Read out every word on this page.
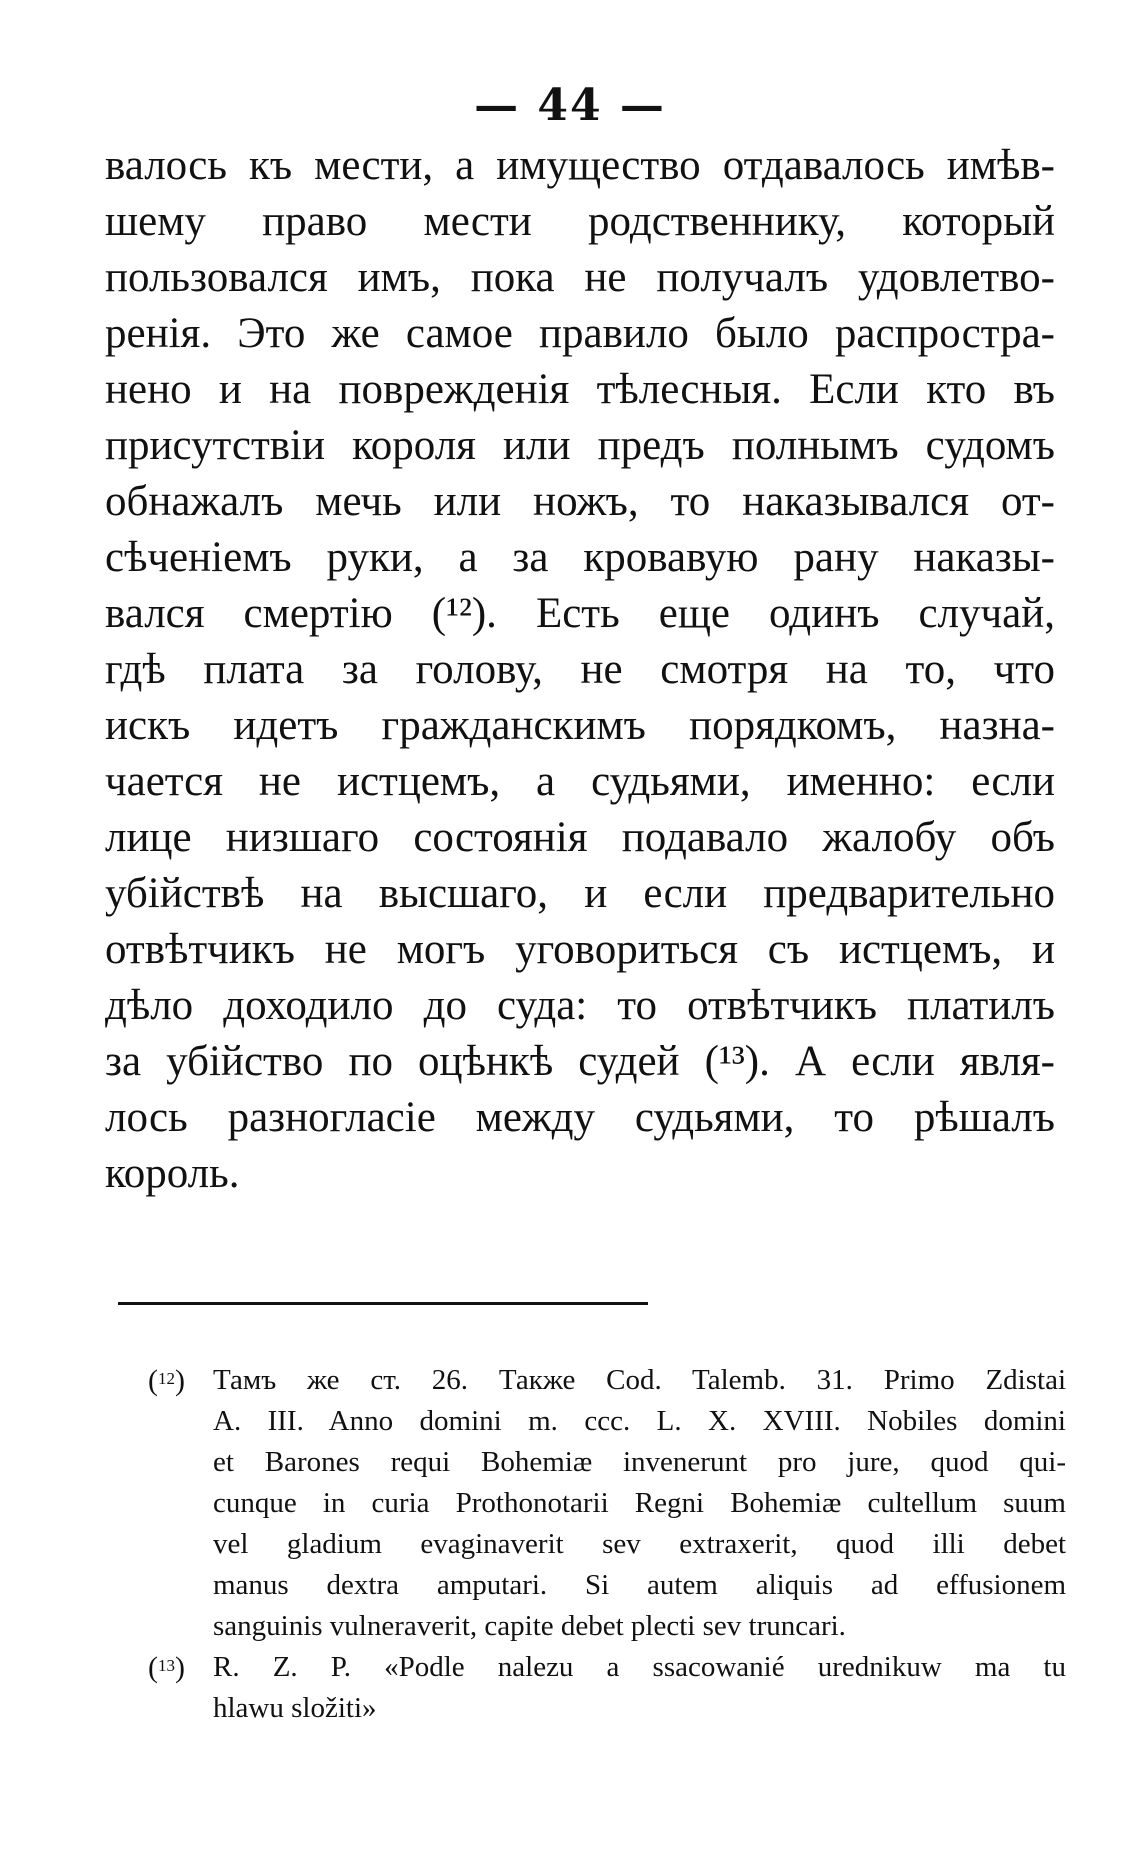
— 44 —
валось къ мести, а имущество отдавалось имѣв-
шему право мести родственнику, который
пользовался имъ, пока не получалъ удовлетво-
ренія. Это же самое правило было распростра-
нено и на поврежденія тѣлесныя. Если кто въ
присутствіи короля или предъ полнымъ судомъ
обнажалъ мечь или ножъ, то наказывался от-
сѣченіемъ руки, а за кровавую рану наказы-
вался смертію (¹²). Есть еще одинъ случай,
гдѣ плата за голову, не смотря на то, что
искъ идетъ гражданскимъ порядкомъ, назна-
чается не истцемъ, а судьями, именно: если
лице низшаго состоянія подавало жалобу объ
убійствѣ на высшаго, и если предварительно
отвѣтчикъ не могъ уговориться съ истцемъ, и
дѣло доходило до суда: то отвѣтчикъ платилъ
за убійство по оцѣнкѣ судей (¹³). А если явля-
лось разногласіе между судьями, то рѣшалъ
король.
($^{12}$) Тамъ же ст. 26. Также Cod. Talemb. 31. Primo Zdistai
A. III. Anno domini m. ccc. L. X. XVIII. Nobiles domini
et Barones requi Bohemiæ invenerunt pro jure, quod qui-
cunque in curia Prothonotarii Regni Bohemiæ cultellum suum
vel gladium evaginaverit sev extraxerit, quod illi debet
manus dextra amputari. Si autem aliquis ad effusionem
sanguinis vulneraverit, capite debet plecti sev truncari.
($^{13}$) R. Z. P. «Podle nalezu a ssacowanié urednikuw ma tu
hlawu složiti»
